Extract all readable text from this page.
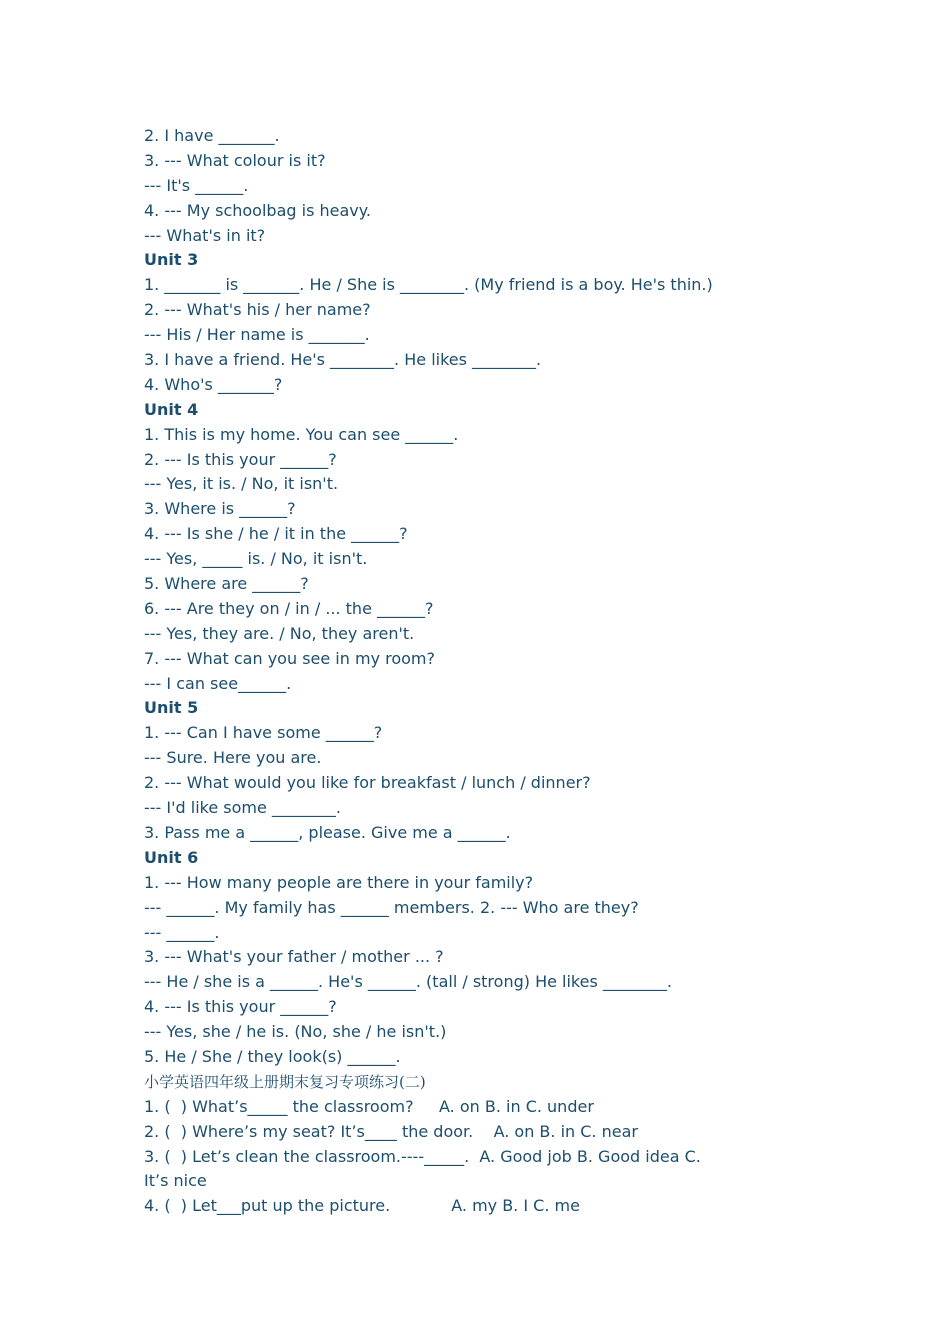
2. I have _______.
3. --- What colour is it?
--- It's ______.
4. --- My schoolbag is heavy.
--- What's in it?
Unit 3
1. _______ is _______. He / She is ________. (My friend is a boy. He's thin.)
2. --- What's his / her name?
--- His / Her name is _______.
3. I have a friend. He's ________. He likes ________.
4. Who's _______?
Unit 4
1. This is my home. You can see ______.
2. --- Is this your ______?
--- Yes, it is. / No, it isn't.
3. Where is ______?
4. --- Is she / he / it in the ______?
--- Yes, _____ is. / No, it isn't.
5. Where are ______?
6. --- Are they on / in / ... the ______?
--- Yes, they are. / No, they aren't.
7. --- What can you see in my room?
--- I can see______.
Unit 5
1. --- Can I have some ______?
--- Sure. Here you are.
2. --- What would you like for breakfast / lunch / dinner?
--- I'd like some ________.
3. Pass me a ______, please. Give me a ______.
Unit 6
1. --- How many people are there in your family?
--- ______. My family has ______ members. 2. --- Who are they?
--- ______.
3. --- What's your father / mother ... ?
--- He / she is a ______. He's ______. (tall / strong) He likes ________.
4. --- Is this your ______?
--- Yes, she / he is. (No, she / he isn't.)
5. He / She / they look(s) ______.
小学英语四年级上册期末复习专项练习(二)
1. (  ) What’s_____ the classroom?     A. on B. in C. under
2. (  ) Where’s my seat? It’s____ the door.    A. on B. in C. near
3. (  ) Let’s clean the classroom.----_____.  A. Good job B. Good idea C.
It’s nice
4. (  ) Let___put up the picture.            A. my B. I C. me
